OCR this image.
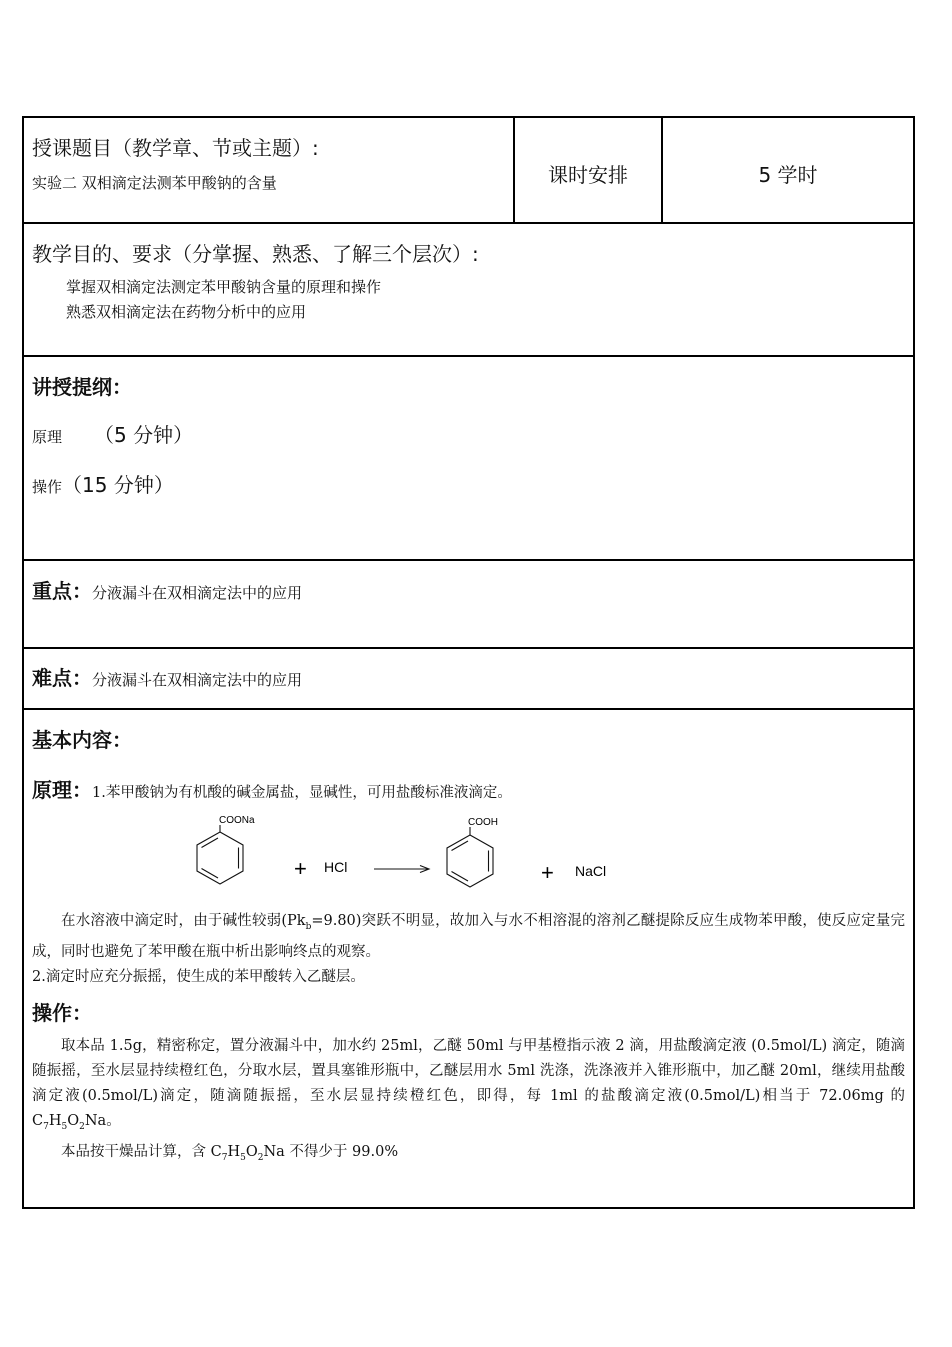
授课题目（教学章、节或主题）:
实验二 双相滴定法测苯甲酸钠的含量	课时安排	5 学时
教学目的、要求（分掌握、熟悉、了解三个层次）:
掌握双相滴定法测定苯甲酸钠含量的原理和操作
熟悉双相滴定法在药物分析中的应用
讲授提纲：
原理 （5 分钟）
操作（15 分钟）
重点：分液漏斗在双相滴定法中的应用
难点：分液漏斗在双相滴定法中的应用
基本内容：
原理：1.苯甲酸钠为有机酸的碱金属盐，显碱性，可用盐酸标准液滴定。
COONa
+ HCl
COOH
+ NaCl
在水溶液中滴定时，由于碱性较弱$(Pk_b=9.80)$突跃不明显，故加入与水不相溶混的溶剂乙醚提除反应生成物苯甲酸，使反应定量完成，同时也避免了苯甲酸在瓶中析出影响终点的观察。
2.滴定时应充分振摇，使生成的苯甲酸转入乙醚层。
操作：
取本品 1.5g，精密称定，置分液漏斗中，加水约 25ml，乙醚 50ml 与甲基橙指示液 2 滴，用盐酸滴定液 (0.5mol/L) 滴定，随滴随振摇，至水层显持续橙红色，分取水层，置具塞锥形瓶中，乙醚层用水 5ml 洗涤，洗涤液并入锥形瓶中，加乙醚 20ml，继续用盐酸滴定液(0.5mol/L)滴定，随滴随振摇，至水层显持续橙红色，即得，每 1ml 的盐酸滴定液(0.5mol/L)相当于 72.06mg 的 $C_7H_5O_2Na$。
本品按干燥品计算，含 $C_7H_5O_2Na$ 不得少于 99.0%
